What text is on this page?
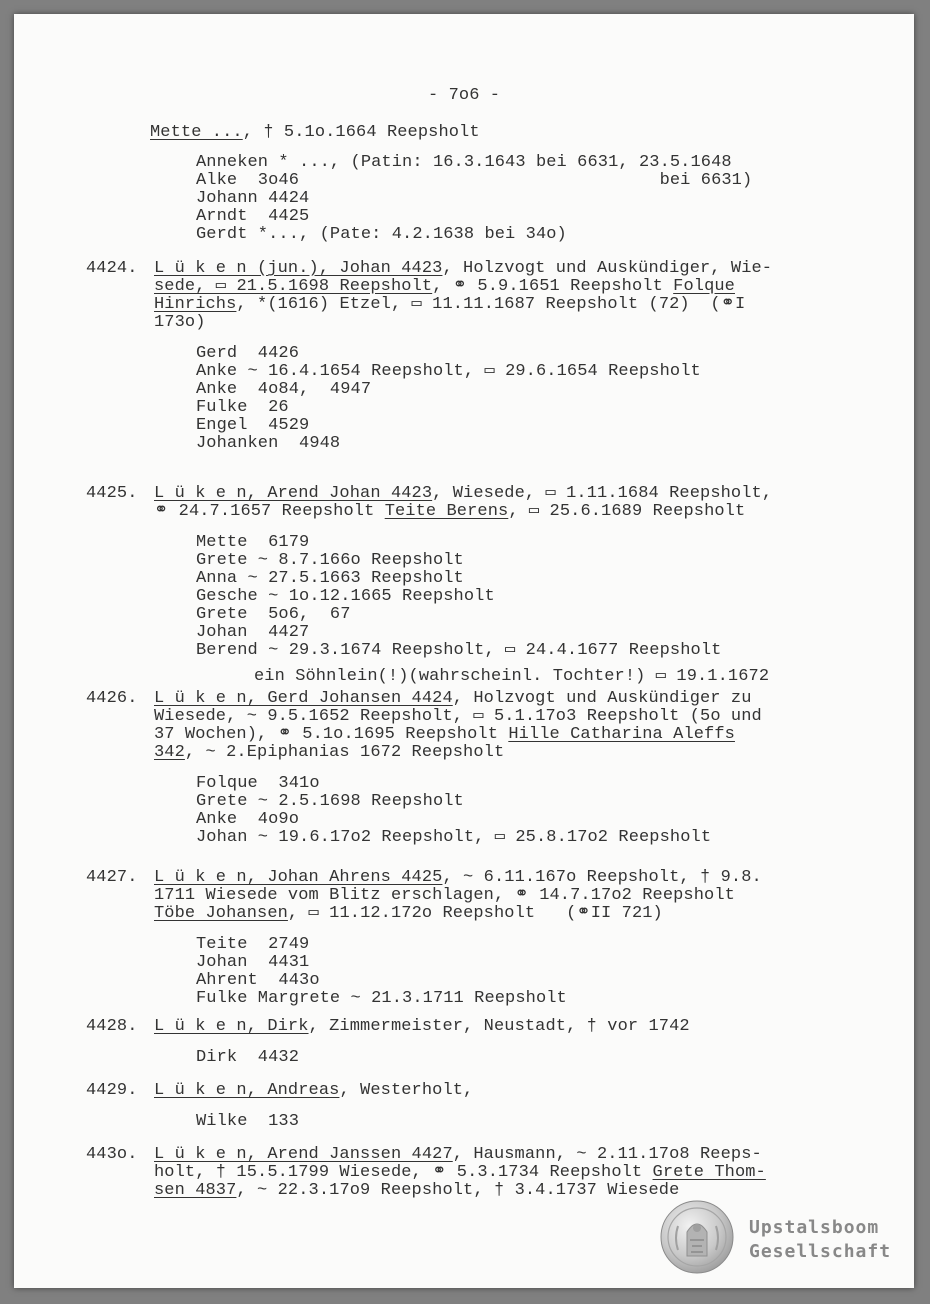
- 7o6 -
Mette ..., † 5.1o.1664 Reepsholt
Anneken * ..., (Patin: 16.3.1643 bei 6631, 23.5.1648
Alke  3o46                                   bei 6631)
Johann 4424
Arndt  4425
Gerdt *..., (Pate: 4.2.1638 bei 34o)
4424. L ü k e n (jun.), Johan 4423, Holzvogt und Auskündiger, Wie-
sede, ▭ 21.5.1698 Reepsholt, ⚭ 5.9.1651 Reepsholt Folque
Hinrichs, *(1616) Etzel, ▭ 11.11.1687 Reepsholt (72)  (⚭I
173o)
Gerd  4426
Anke ~ 16.4.1654 Reepsholt, ▭ 29.6.1654 Reepsholt
Anke  4o84,  4947
Fulke  26
Engel  4529
Johanken  4948
4425. L ü k e n, Arend Johan 4423, Wiesede, ▭ 1.11.1684 Reepsholt,
⚭ 24.7.1657 Reepsholt Teite Berens, ▭ 25.6.1689 Reepsholt
Mette  6179
Grete ~ 8.7.166o Reepsholt
Anna ~ 27.5.1663 Reepsholt
Gesche ~ 1o.12.1665 Reepsholt
Grete  5o6,  67
Johan  4427
Berend ~ 29.3.1674 Reepsholt, ▭ 24.4.1677 Reepsholt
ein Söhnlein(!)(wahrscheinl. Tochter!) ▭ 19.1.1672
4426. L ü k e n, Gerd Johansen 4424, Holzvogt und Auskündiger zu
Wiesede, ~ 9.5.1652 Reepsholt, ▭ 5.1.17o3 Reepsholt (5o und
37 Wochen), ⚭ 5.1o.1695 Reepsholt Hille Catharina Aleffs
342, ~ 2.Epiphanias 1672 Reepsholt
Folque  341o
Grete ~ 2.5.1698 Reepsholt
Anke  4o9o
Johan ~ 19.6.17o2 Reepsholt, ▭ 25.8.17o2 Reepsholt
4427. L ü k e n, Johan Ahrens 4425, ~ 6.11.167o Reepsholt, † 9.8.
1711 Wiesede vom Blitz erschlagen, ⚭ 14.7.17o2 Reepsholt
Töbe Johansen, ▭ 11.12.172o Reepsholt   (⚭II 721)
Teite  2749
Johan  4431
Ahrent  443o
Fulke Margrete ~ 21.3.1711 Reepsholt
4428. L ü k e n, Dirk, Zimmermeister, Neustadt, † vor 1742
Dirk  4432
4429. L ü k e n, Andreas, Westerholt,
Wilke  133
443o. L ü k e n, Arend Janssen 4427, Hausmann, ~ 2.11.17o8 Reeps-
holt, † 15.5.1799 Wiesede, ⚭ 5.3.1734 Reepsholt Grete Thom-
sen 4837, ~ 22.3.17o9 Reepsholt, † 3.4.1737 Wiesede
Upstalsboom
Gesellschaft
